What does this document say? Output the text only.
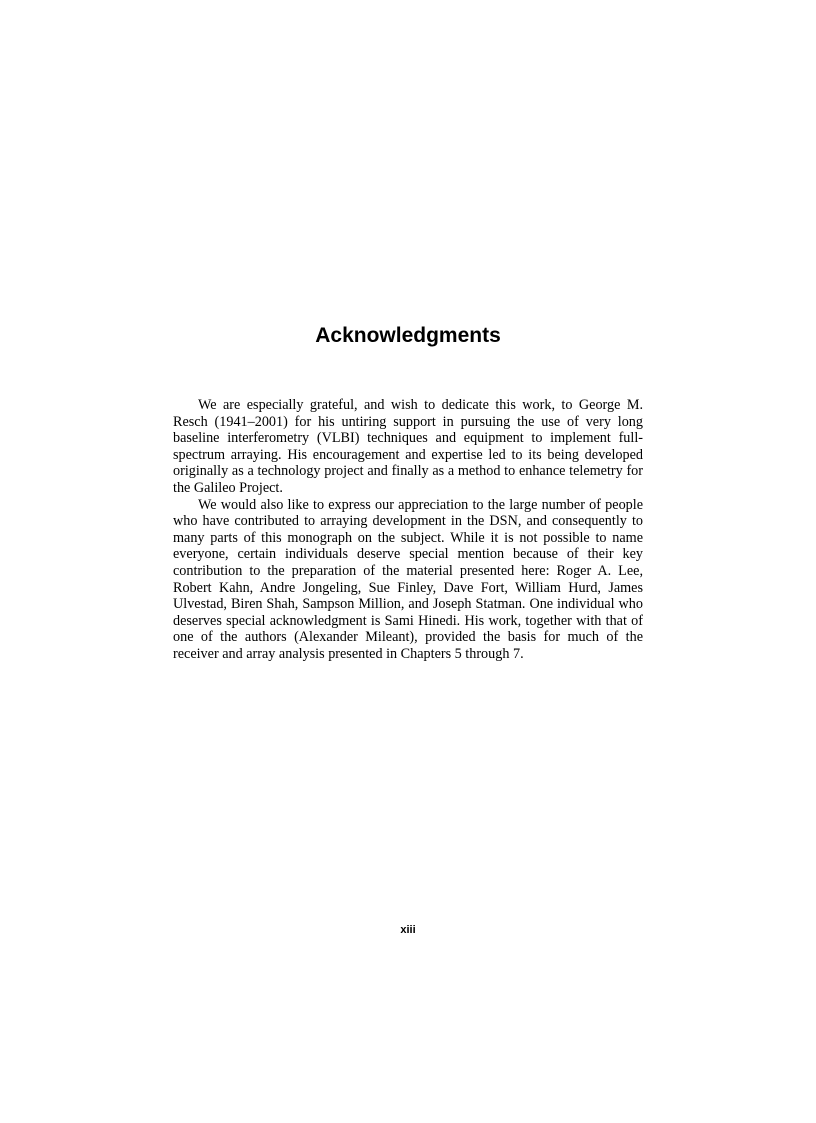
Acknowledgments

We are especially grateful, and wish to dedicate this work, to George M. Resch (1941–2001) for his untiring support in pursuing the use of very long baseline interferometry (VLBI) techniques and equipment to implement full-spectrum arraying. His encouragement and expertise led to its being developed originally as a technology project and finally as a method to enhance telemetry for the Galileo Project.

We would also like to express our appreciation to the large number of people who have contributed to arraying development in the DSN, and consequently to many parts of this monograph on the subject. While it is not possible to name everyone, certain individuals deserve special mention because of their key contribution to the preparation of the material presented here: Roger A. Lee, Robert Kahn, Andre Jongeling, Sue Finley, Dave Fort, William Hurd, James Ulvestad, Biren Shah, Sampson Million, and Joseph Statman. One individual who deserves special acknowledgment is Sami Hinedi. His work, together with that of one of the authors (Alexander Mileant), provided the basis for much of the receiver and array analysis presented in Chapters 5 through 7.

xiii
